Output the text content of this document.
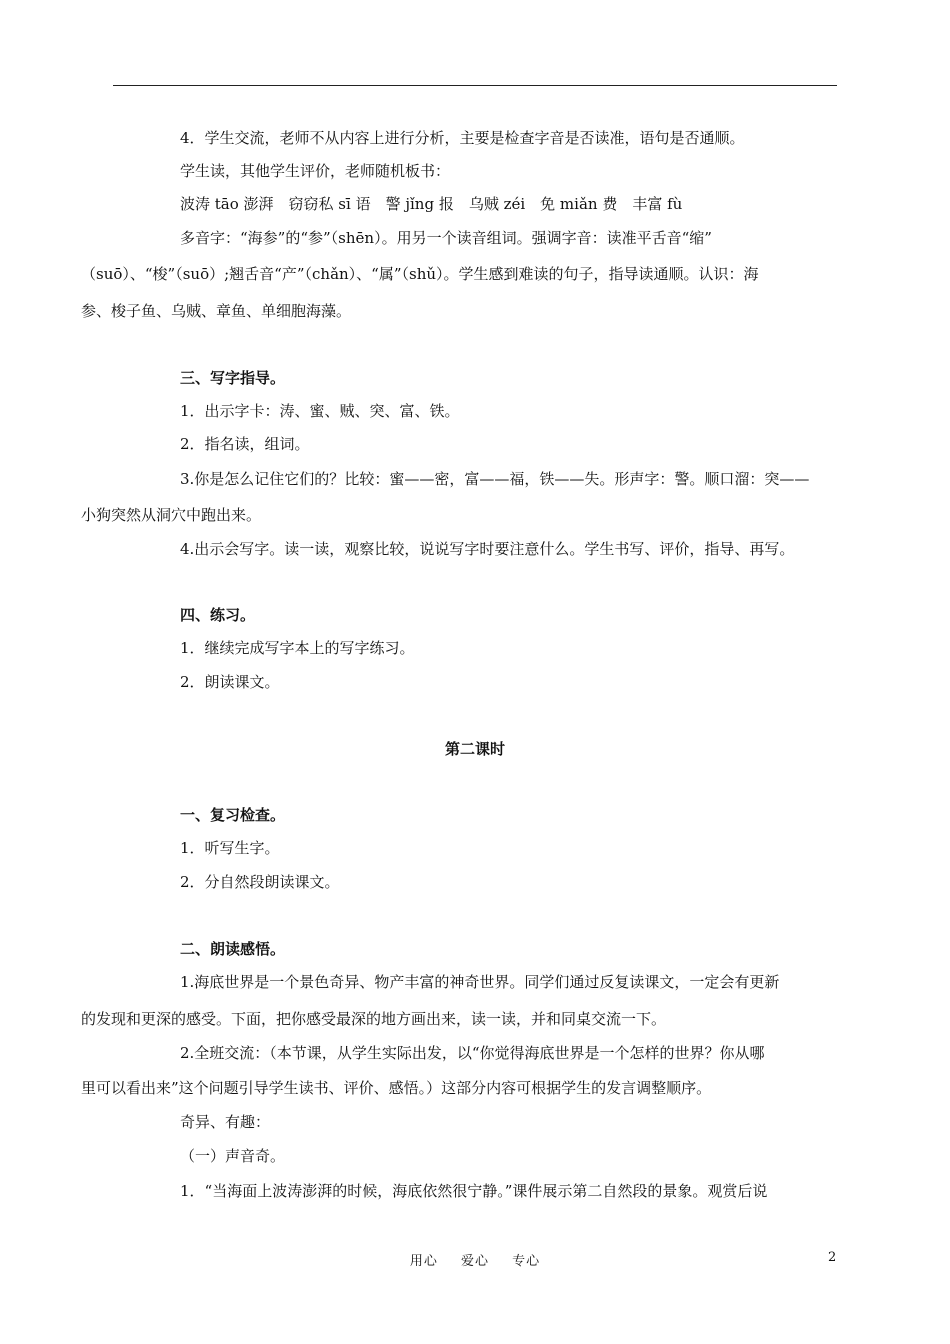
4．学生交流，老师不从内容上进行分析，主要是检查字音是否读准，语句是否通顺。
学生读，其他学生评价，老师随机板书：
波涛 tāo 澎湃　窃窃私 sī 语　警 jǐng 报　乌贼 zéi　免 miǎn 费　丰富 fù
多音字：“海参”的“参”（shēn）。用另一个读音组词。强调字音：读准平舌音“缩”
（suō）、“梭”（suō）;翘舌音“产”（chǎn）、“属”（shǔ）。学生感到难读的句子，指导读通顺。认识：海
参、梭子鱼、乌贼、章鱼、单细胞海藻。
三、写字指导。
1．出示字卡：涛、蜜、贼、突、富、铁。
2．指名读，组词。
3.你是怎么记住它们的？比较：蜜——密，富——福，铁——失。形声字：警。顺口溜：突——
小狗突然从洞穴中跑出来。
4.出示会写字。读一读，观察比较，说说写字时要注意什么。学生书写、评价，指导、再写。
四、练习。
1．继续完成写字本上的写字练习。
2．朗读课文。
第二课时
一、复习检查。
1．听写生字。
2．分自然段朗读课文。
二、朗读感悟。
1.海底世界是一个景色奇异、物产丰富的神奇世界。同学们通过反复读课文，一定会有更新
的发现和更深的感受。下面，把你感受最深的地方画出来，读一读，并和同桌交流一下。
2.全班交流：（本节课，从学生实际出发，以“你觉得海底世界是一个怎样的世界？你从哪
里可以看出来”这个问题引导学生读书、评价、感悟。）这部分内容可根据学生的发言调整顺序。
奇异、有趣：
（一）声音奇。
1．“当海面上波涛澎湃的时候，海底依然很宁静。”课件展示第二自然段的景象。观赏后说
用心 爱心 专心	2
